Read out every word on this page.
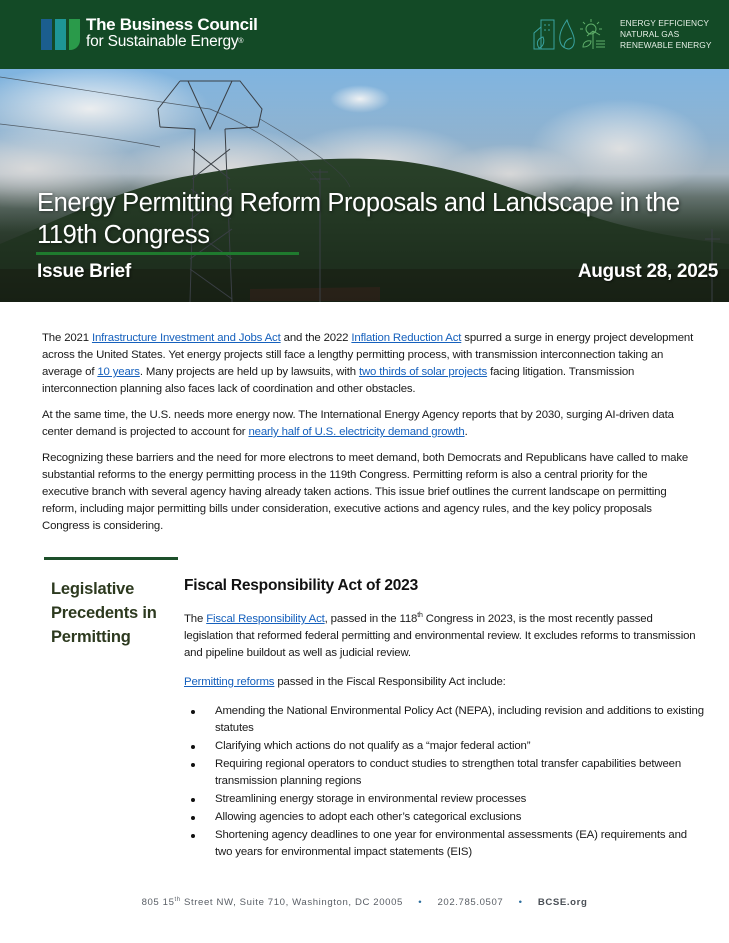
The Business Council
for Sustainable Energy®
ENERGY EFFICIENCY
NATURAL GAS
RENEWABLE ENERGY
Energy Permitting Reform Proposals and Landscape in the 119th Congress
Issue Brief	August 28, 2025

The 2021 Infrastructure Investment and Jobs Act and the 2022 Inflation Reduction Act spurred a surge in energy project development across the United States. Yet energy projects still face a lengthy permitting process, with transmission interconnection taking an average of 10 years. Many projects are held up by lawsuits, with two thirds of solar projects facing litigation. Transmission interconnection planning also faces lack of coordination and other obstacles.

At the same time, the U.S. needs more energy now. The International Energy Agency reports that by 2030, surging AI-driven data center demand is projected to account for nearly half of U.S. electricity demand growth.

Recognizing these barriers and the need for more electrons to meet demand, both Democrats and Republicans have called to make substantial reforms to the energy permitting process in the 119th Congress. Permitting reform is also a central priority for the executive branch with several agency having already taken actions. This issue brief outlines the current landscape on permitting reform, including major permitting bills under consideration, executive actions and agency rules, and the key policy proposals Congress is considering.

Legislative Precedents in Permitting
Fiscal Responsibility Act of 2023

The Fiscal Responsibility Act, passed in the 118th Congress in 2023, is the most recently passed legislation that reformed federal permitting and environmental review. It excludes reforms to transmission and pipeline buildout as well as judicial review.

Permitting reforms passed in the Fiscal Responsibility Act include:

Amending the National Environmental Policy Act (NEPA), including revision and additions to existing statutes
Clarifying which actions do not qualify as a “major federal action”
Requiring regional operators to conduct studies to strengthen total transfer capabilities between transmission planning regions
Streamlining energy storage in environmental review processes
Allowing agencies to adopt each other’s categorical exclusions
Shortening agency deadlines to one year for environmental assessments (EA) requirements and two years for environmental impact statements (EIS)
805 15th Street NW, Suite 710, Washington, DC 20005 • 202.785.0507 • BCSE.org
